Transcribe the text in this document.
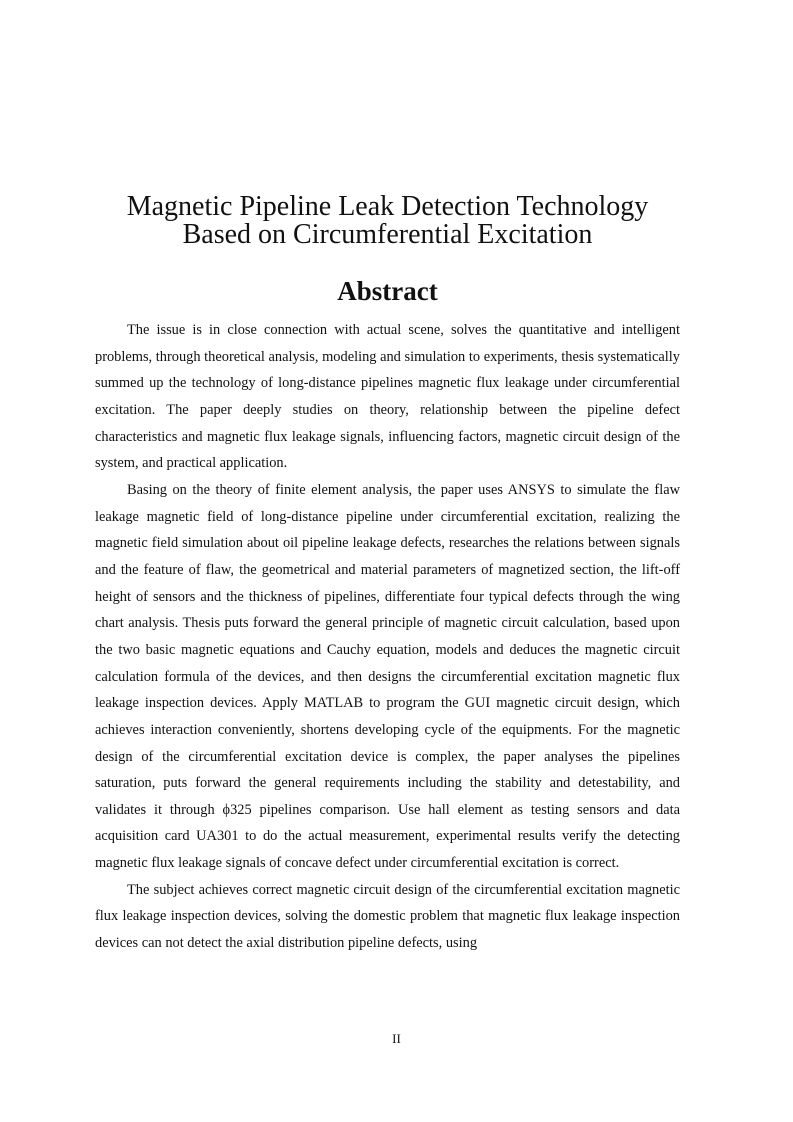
Magnetic Pipeline Leak Detection Technology
Based on Circumferential Excitation
Abstract

The issue is in close connection with actual scene, solves the quantitative and intelligent problems, through theoretical analysis, modeling and simulation to experiments, thesis systematically summed up the technology of long-distance pipelines magnetic flux leakage under circumferential excitation. The paper deeply studies on theory, relationship between the pipeline defect characteristics and magnetic flux leakage signals, influencing factors, magnetic circuit design of the system, and practical application.

Basing on the theory of finite element analysis, the paper uses ANSYS to simulate the flaw leakage magnetic field of long-distance pipeline under circumferential excitation, realizing the magnetic field simulation about oil pipeline leakage defects, researches the relations between signals and the feature of flaw, the geometrical and material parameters of magnetized section, the lift-off height of sensors and the thickness of pipelines, differentiate four typical defects through the wing chart analysis. Thesis puts forward the general principle of magnetic circuit calculation, based upon the two basic magnetic equations and Cauchy equation, models and deduces the magnetic circuit calculation formula of the devices, and then designs the circumferential excitation magnetic flux leakage inspection devices. Apply MATLAB to program the GUI magnetic circuit design, which achieves interaction conveniently, shortens developing cycle of the equipments. For the magnetic design of the circumferential excitation device is complex, the paper analyses the pipelines saturation, puts forward the general requirements including the stability and detestability, and validates it through ϕ325 pipelines comparison. Use hall element as testing sensors and data acquisition card UA301 to do the actual measurement, experimental results verify the detecting magnetic flux leakage signals of concave defect under circumferential excitation is correct.

The subject achieves correct magnetic circuit design of the circumferential excitation magnetic flux leakage inspection devices, solving the domestic problem that magnetic flux leakage inspection devices can not detect the axial distribution pipeline defects, using

II
